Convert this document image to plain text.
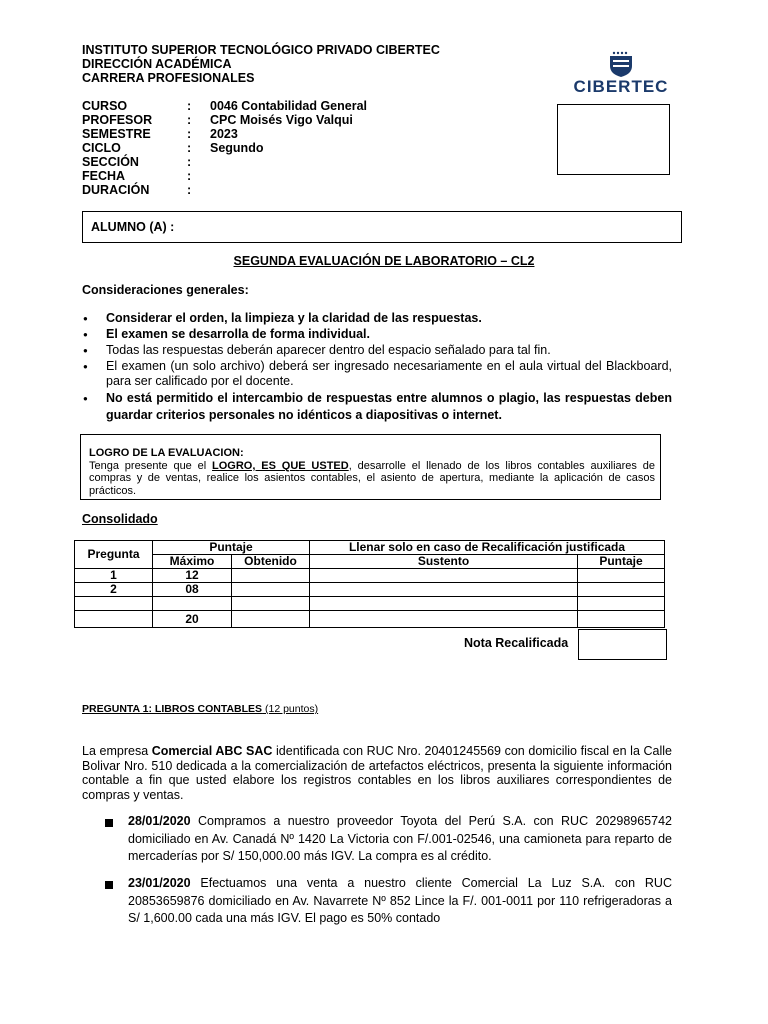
INSTITUTO SUPERIOR TECNOLÓGICO PRIVADO CIBERTEC
DIRECCIÓN ACADÉMICA
CARRERA PROFESIONALES	CIBERTEC
CURSO	: 0046 Contabilidad General
PROFESOR	: CPC Moisés Vigo Valqui
SEMESTRE	: 2023
CICLO	: Segundo
SECCIÓN	:
FECHA	:
DURACIÓN	:
ALUMNO (A) :
SEGUNDA EVALUACIÓN DE LABORATORIO – CL2
Consideraciones generales:
● Considerar el orden, la limpieza y la claridad de las respuestas.
● El examen se desarrolla de forma individual.
● Todas las respuestas deberán aparecer dentro del espacio señalado para tal fin.
● El examen (un solo archivo) deberá ser ingresado necesariamente en el aula virtual del Blackboard, para ser calificado por el docente.
● No está permitido el intercambio de respuestas entre alumnos o plagio, las respuestas deben guardar criterios personales no idénticos a diapositivas o internet.
LOGRO DE LA EVALUACION:
Tenga presente que el LOGRO, ES QUE USTED, desarrolle el llenado de los libros contables auxiliares de compras y de ventas, realice los asientos contables, el asiento de apertura, mediante la aplicación de casos prácticos.
Consolidado
Pregunta	Puntaje		Llenar solo en caso de Recalificación justificada	
	Máximo	Obtenido	Sustento	Puntaje
1	12			
2	08			

	20			
Nota Recalificada
PREGUNTA 1: LIBROS CONTABLES (12 puntos)
La empresa Comercial ABC SAC identificada con RUC Nro. 20401245569 con domicilio fiscal en la Calle Bolivar Nro. 510 dedicada a la comercialización de artefactos eléctricos, presenta la siguiente información contable a fin que usted elabore los registros contables en los libros auxiliares correspondientes de compras y ventas.
28/01/2020 Compramos a nuestro proveedor Toyota del Perú S.A. con RUC 20298965742 domiciliado en Av. Canadá Nº 1420 La Victoria con F/.001-02546, una camioneta para reparto de mercaderías por S/ 150,000.00 más IGV. La compra es al crédito.
23/01/2020 Efectuamos una venta a nuestro cliente Comercial La Luz S.A. con RUC 20853659876 domiciliado en Av. Navarrete Nº 852 Lince la F/. 001-0011 por 110 refrigeradoras a S/ 1,600.00 cada una más IGV. El pago es 50% contado
